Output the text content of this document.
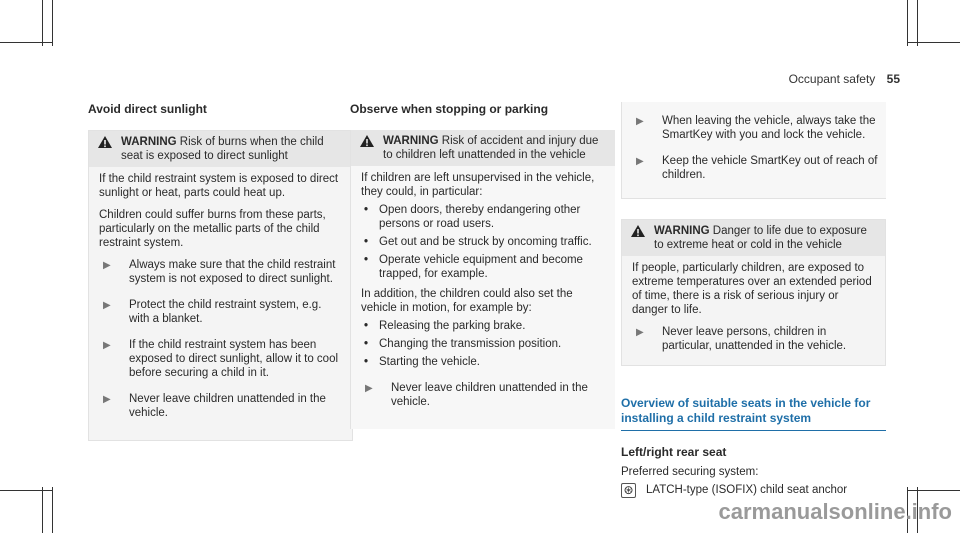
Occupant safety 55
Avoid direct sunlight
WARNING Risk of burns when the child seat is exposed to direct sunlight

If the child restraint system is exposed to direct sunlight or heat, parts could heat up.

Children could suffer burns from these parts, particularly on the metallic parts of the child restraint system.

▶	Always make sure that the child restraint system is not exposed to direct sunlight.
▶	Protect the child restraint system, e.g. with a blanket.
▶	If the child restraint system has been exposed to direct sunlight, allow it to cool before securing a child in it.
▶	Never leave children unattended in the vehicle.
Observe when stopping or parking
WARNING Risk of accident and injury due to children left unattended in the vehicle

If children are left unsupervised in the vehicle, they could, in particular:

• Open doors, thereby endangering other persons or road users.
• Get out and be struck by oncoming traffic.
• Operate vehicle equipment and become trapped, for example.

In addition, the children could also set the vehicle in motion, for example by:

• Releasing the parking brake.
• Changing the transmission position.
• Starting the vehicle.
▶	Never leave children unattended in the vehicle.
▶	When leaving the vehicle, always take the SmartKey with you and lock the vehicle.
▶	Keep the vehicle SmartKey out of reach of children.
WARNING Danger to life due to exposure to extreme heat or cold in the vehicle

If people, particularly children, are exposed to extreme temperatures over an extended period of time, there is a risk of serious injury or danger to life.

▶	Never leave persons, children in particular, unattended in the vehicle.
Overview of suitable seats in the vehicle for installing a child restraint system
Left/right rear seat
Preferred securing system:
⊛ LATCH-type (ISOFIX) child seat anchor
carmanualsonline.info
